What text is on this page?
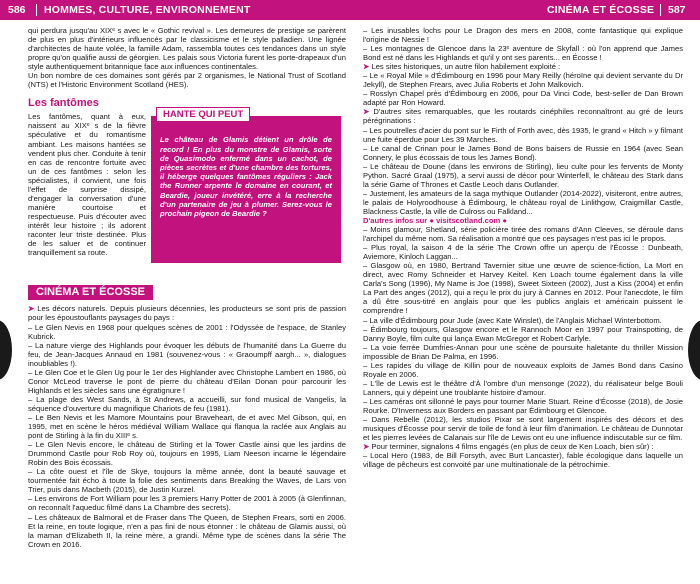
586 HOMMES, CULTURE, ENVIRONNEMENT	CINÉMA ET ÉCOSSE 587

qui perdura jusqu'au XIXᵉ s avec le « Gothic revival ». Les demeures de prestige se parèrent de plus en plus d'intérieurs influencés par le classicisme et le style palladien. Une lignée d'architectes de haute volée, la famille Adam, rassembla toutes ces tendances dans un style propre qu'on qualifie aussi de géorgien. Les palais sous Victoria furent les porte-drapeaux d'un style authentiquement britannique face aux influences continentales.

Un bon nombre de ces domaines sont gérés par 2 organismes, le National Trust of Scotland (NTS) et l'Historic Environment Scotland (HES).

Les fantômes

Les fantômes, quant à eux, naissent au XIXᵉ s de la fièvre spéculative et du romantisme ambiant. Les maisons hantées se vendent plus cher. Conduite à tenir en cas de rencontre fortuite avec un de ces fantômes : selon les spécialistes, il convient, une fois l'effet de surprise dissipé, d'engager la conversation d'une manière courtoise et respectueuse. Puis d'écouter avec intérêt leur histoire ; ils adorent raconter leur triste destinée. Plus de les saluer et de continuer tranquillement sa route.

HANTE QUI PEUT
Le château de Glamis détient un drôle de record ! En plus du monstre de Glamis, sorte de Quasimodo enfermé dans un cachot, de pièces secrètes et d'une chambre des tortures, il héberge quelques fantômes réguliers : Jack the Runner arpente le domaine en courant, et Beardie, joueur invétéré, erre à la recherche d'un partenaire de jeu à plumer. Serez-vous le prochain pigeon de Beardie ?
CINÉMA ET ÉCOSSE

➤ Les décors naturels. Depuis plusieurs décennies, les producteurs se sont pris de passion pour les époustouflants paysages du pays :

– Le Glen Nevis en 1968 pour quelques scènes de 2001 : l'Odyssée de l'espace, de Stanley Kubrick.

– La nature vierge des Highlands pour évoquer les débuts de l'humanité dans La Guerre du feu, de Jean-Jacques Annaud en 1981 (souvenez-vous : « Graoumpff aargh... », dialogues inoubliables !).

– Le Glen Coe et le Glen Ug pour le 1er des Highlander avec Christophe Lambert en 1986, où Conor McLeod traverse le pont de pierre du château d'Eilan Donan pour parcourir les Highlands et les siècles sans une égratignure !

– La plage des West Sands, à St Andrews, a accueilli, sur fond musical de Vangelis, la séquence d'ouverture du magnifique Chariots de feu (1981).

– Le Ben Nevis et les Mamore Mountains pour Braveheart, de et avec Mel Gibson, qui, en 1995, met en scène le héros médiéval William Wallace qui flanqua la raclée aux Anglais au pont de Stirling à la fin du XIIIᵉ s.

– Le Glen Nevis encore, le château de Stirling et la Tower Castle ainsi que les jardins de Drummond Castle pour Rob Roy où, toujours en 1995, Liam Neeson incarne le légendaire Robin des Bois écossais.

– La côte ouest et l'île de Skye, toujours la même année, dont la beauté sauvage et tourmentée fait écho à toute la folie des sentiments dans Breaking the Waves, de Lars von Trier, puis dans Macbeth (2015), de Justin Kurzel.

– Les environs de Fort William pour les 3 premiers Harry Potter de 2001 à 2005 (à Glenfinnan, on reconnaît l'aqueduc filmé dans La Chambre des secrets).

– Les châteaux de Balmoral et de Fraser dans The Queen, de Stephen Frears, sorti en 2006. Et la reine, en toute logique, n'en a pas fini de nous étonner : le château de Glamis aussi, où la maman d'Elizabeth II, la reine mère, a grandi. Même type de scènes dans la série The Crown en 2016.

– Les inusables lochs pour Le Dragon des mers en 2008, conte fantastique qui explique l'origine de Nessie !

– Les montagnes de Glencoe dans la 23ᵉ aventure de Skyfall : où l'on apprend que James Bond est né dans les Highlands et qu'il y ont ses parents... en Écosse !

➤ Les sites historiques, un autre filon habilement exploité :

– Le « Royal Mile » d'Édimbourg en 1996 pour Mary Reilly (héroïne qui devient servante du Dr Jekyll), de Stephen Frears, avec Julia Roberts et John Malkovich.

– Rosslyn Chapel près d'Édimbourg en 2006, pour Da Vinci Code, best-seller de Dan Brown adapté par Ron Howard.

➤ D'autres sites remarquables, que les routards cinéphiles reconnaîtront au gré de leurs pérégrinations :

– Les poutrelles d'acier du pont sur le Firth of Forth avec, dès 1935, le grand « Hitch » y filmant une fuite éperdue pour Les 39 Marches.

– Le canal de Crinan pour le James Bond de Bons baisers de Russie en 1964 (avec Sean Connery, le plus écossais de tous les James Bond).

– Le château de Doune (dans les environs de Stirling), lieu culte pour les fervents de Monty Python. Sacré Graal (1975), a servi aussi de décor pour Winterfell, le château des Stark dans la série Game of Thrones et Castle Leoch dans Outlander.

– Justement, les amateurs de la saga mythique Outlander (2014-2022), visiteront, entre autres, le palais de Holyroodhouse à Édimbourg, le château royal de Linlithgow, Craigmillar Castle, Blackness Castle, la ville de Culross ou Falkland...

D'autres infos sur ● visitscotland.com ●

– Moins glamour, Shetland, série policière tirée des romans d'Ann Cleeves, se déroule dans l'archipel du même nom. Sa réalisation a montré que ces paysages n'est pas ici le propos.

– Plus royal, la saison 4 de la série The Crown offre un aperçu de l'Écosse : Dunbeath, Aviemore, Kinloch Laggan...

– Glasgow où, en 1980, Bertrand Tavernier situe une œuvre de science-fiction, La Mort en direct, avec Romy Schneider et Harvey Keitel. Ken Loach tourne également dans la ville Carla's Song (1996), My Name is Joe (1998), Sweet Sixteen (2002), Just a Kiss (2004) et enfin La Part des anges (2012), qui a reçu le prix du jury à Cannes en 2012. Pour l'anecdote, le film a dû être sous-titré en anglais pour que les publics anglais et américain puissent le comprendre !

– La ville d'Édimbourg pour Jude (avec Kate Winslet), de l'Anglais Michael Winterbottom.

– Édimbourg toujours, Glasgow encore et le Rannoch Moor en 1997 pour Trainspotting, de Danny Boyle, film culte qui lança Ewan McGregor et Robert Carlyle.

– La voie ferrée Dumfries-Annan pour une scène de poursuite haletante du thriller Mission impossible de Brian De Palma, en 1996.

– Les rapides du village de Killin pour de nouveaux exploits de James Bond dans Casino Royale en 2006.

– L'île de Lewis est le théâtre d'À l'ombre d'un mensonge (2022), du réalisateur belge Bouli Lanners, qui y dépeint une troublante histoire d'amour.

– Les caméras ont sillonné le pays pour tourner Marie Stuart. Reine d'Écosse (2018), de Josie Rourke. D'Inverness aux Borders en passant par Édimbourg et Glencoe.

– Dans Rebelle (2012), les studios Pixar se sont largement inspirés des décors et des musiques d'Écosse pour servir de toile de fond à leur film d'animation. Le château de Dunnotar et les pierres levées de Calanais sur l'île de Lewis ont eu une influence indiscutable sur ce film.

➤ Pour terminer, signalons 4 films engagés (en plus de ceux de Ken Loach, bien sûr) :

– Local Hero (1983, de Bill Forsyth, avec Burt Lancaster), fable écologique dans laquelle un village de pêcheurs est convoité par une multinationale de la pétrochimie.
